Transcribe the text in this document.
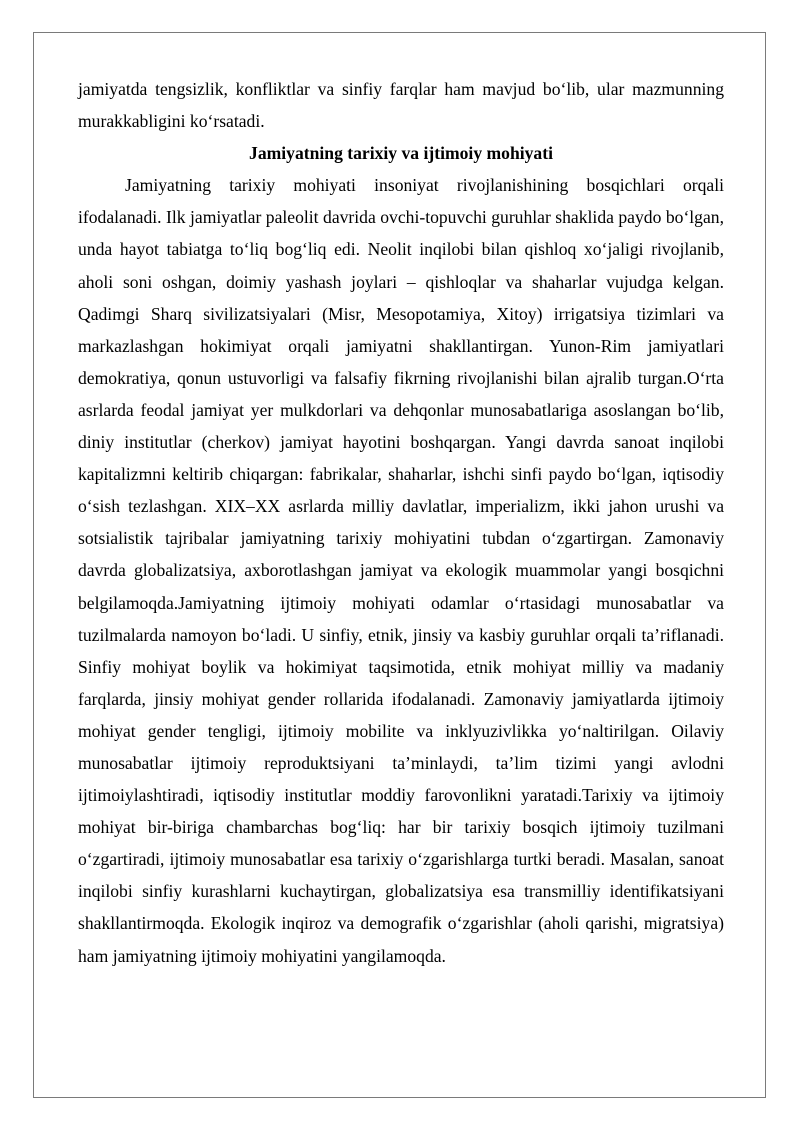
jamiyatda tengsizlik, konfliktlar va sinfiy farqlar ham mavjud bo‘lib, ular mazmunning murakkabligini ko‘rsatadi.

Jamiyatning tarixiy va ijtimoiy mohiyati

Jamiyatning tarixiy mohiyati insoniyat rivojlanishining bosqichlari orqali ifodalanadi. Ilk jamiyatlar paleolit davrida ovchi-topuvchi guruhlar shaklida paydo bo‘lgan, unda hayot tabiatga to‘liq bog‘liq edi. Neolit inqilobi bilan qishloq xo‘jaligi rivojlanib, aholi soni oshgan, doimiy yashash joylari – qishloqlar va shaharlar vujudga kelgan. Qadimgi Sharq sivilizatsiyalari (Misr, Mesopotamiya, Xitoy) irrigatsiya tizimlari va markazlashgan hokimiyat orqali jamiyatni shakllantirgan. Yunon-Rim jamiyatlari demokratiya, qonun ustuvorligi va falsafiy fikrning rivojlanishi bilan ajralib turgan.O‘rta asrlarda feodal jamiyat yer mulkdorlari va dehqonlar munosabatlariga asoslangan bo‘lib, diniy institutlar (cherkov) jamiyat hayotini boshqargan. Yangi davrda sanoat inqilobi kapitalizmni keltirib chiqargan: fabrikalar, shaharlar, ishchi sinfi paydo bo‘lgan, iqtisodiy o‘sish tezlashgan. XIX–XX asrlarda milliy davlatlar, imperializm, ikki jahon urushi va sotsialistik tajribalar jamiyatning tarixiy mohiyatini tubdan o‘zgartirgan. Zamonaviy davrda globalizatsiya, axborotlashgan jamiyat va ekologik muammolar yangi bosqichni belgilamoqda.Jamiyatning ijtimoiy mohiyati odamlar o‘rtasidagi munosabatlar va tuzilmalarda namoyon bo‘ladi. U sinfiy, etnik, jinsiy va kasbiy guruhlar orqali ta’riflanadi. Sinfiy mohiyat boylik va hokimiyat taqsimotida, etnik mohiyat milliy va madaniy farqlarda, jinsiy mohiyat gender rollarida ifodalanadi. Zamonaviy jamiyatlarda ijtimoiy mohiyat gender tengligi, ijtimoiy mobilite va inklyuzivlikka yo‘naltirilgan. Oilaviy munosabatlar ijtimoiy reproduktsiyani ta’minlaydi, ta’lim tizimi yangi avlodni ijtimoiylashtiradi, iqtisodiy institutlar moddiy farovonlikni yaratadi.Tarixiy va ijtimoiy mohiyat bir-biriga chambarchas bog‘liq: har bir tarixiy bosqich ijtimoiy tuzilmani o‘zgartiradi, ijtimoiy munosabatlar esa tarixiy o‘zgarishlarga turtki beradi. Masalan, sanoat inqilobi sinfiy kurashlarni kuchaytirgan, globalizatsiya esa transmilliy identifikatsiyani shakllantirmoqda. Ekologik inqiroz va demografik o‘zgarishlar (aholi qarishi, migratsiya) ham jamiyatning ijtimoiy mohiyatini yangilamoqda.
